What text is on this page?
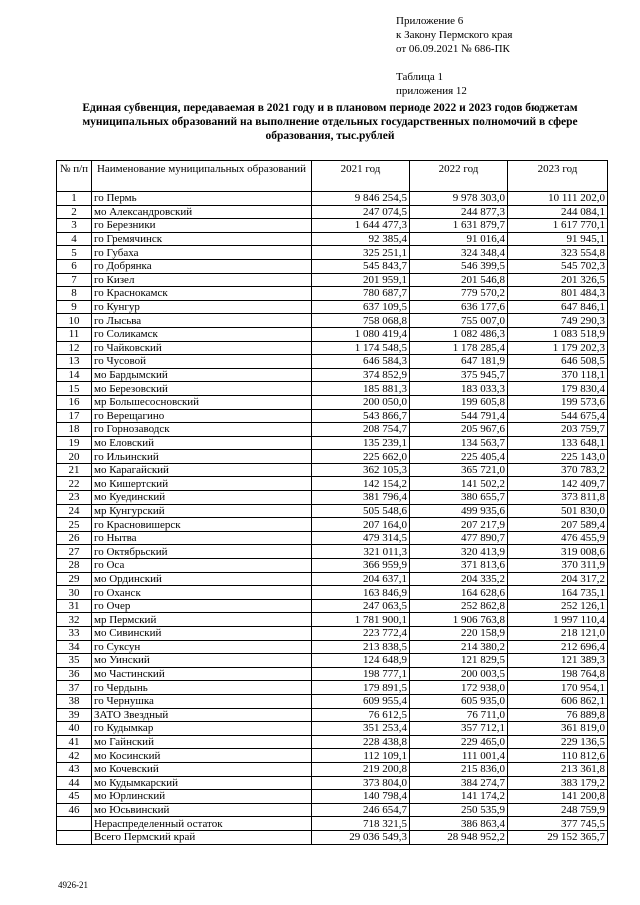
Приложение 6
к Закону Пермского края
от 06.09.2021 № 686-ПК
Таблица 1
приложения 12
Единая субвенция, передаваемая в 2021 году и в плановом периоде 2022 и 2023 годов бюджетам муниципальных образований на выполнение отдельных государственных полномочий в сфере образования, тыс.рублей
№ п/п	Наименование муниципальных образований	2021 год	2022 год	2023 год
1	го Пермь	9 846 254,5	9 978 303,0	10 111 202,0
2	мо Александровский	247 074,5	244 877,3	244 084,1
3	го Березники	1 644 477,3	1 631 879,7	1 617 770,1
4	го Гремячинск	92 385,4	91 016,4	91 945,1
5	го Губаха	325 251,1	324 348,4	323 554,8
6	го Добрянка	545 843,7	546 399,5	545 702,3
7	го Кизел	201 959,1	201 546,8	201 326,5
8	го Краснокамск	780 687,7	779 570,2	801 484,3
9	го Кунгур	637 109,5	636 177,6	647 846,1
10	го Лысьва	758 068,8	755 007,0	749 290,3
11	го Соликамск	1 080 419,4	1 082 486,3	1 083 518,9
12	го Чайковский	1 174 548,5	1 178 285,4	1 179 202,3
13	го Чусовой	646 584,3	647 181,9	646 508,5
14	мо Бардымский	374 852,9	375 945,7	370 118,1
15	мо Березовский	185 881,3	183 033,3	179 830,4
16	мр Большесосновский	200 050,0	199 605,8	199 573,6
17	го Верещагино	543 866,7	544 791,4	544 675,4
18	го Горнозаводск	208 754,7	205 967,6	203 759,7
19	мо Еловский	135 239,1	134 563,7	133 648,1
20	го Ильинский	225 662,0	225 405,4	225 143,0
21	мо Карагайский	362 105,3	365 721,0	370 783,2
22	мо Кишертский	142 154,2	141 502,2	142 409,7
23	мо Куединский	381 796,4	380 655,7	373 811,8
24	мр Кунгурский	505 548,6	499 935,6	501 830,0
25	го Красновишерск	207 164,0	207 217,9	207 589,4
26	го Нытва	479 314,5	477 890,7	476 455,9
27	го Октябрьский	321 011,3	320 413,9	319 008,6
28	го Оса	366 959,9	371 813,6	370 311,9
29	мо Ординский	204 637,1	204 335,2	204 317,2
30	го Оханск	163 846,9	164 628,6	164 735,1
31	го Очер	247 063,5	252 862,8	252 126,1
32	мр Пермский	1 781 900,1	1 906 763,8	1 997 110,4
33	мо Сивинский	223 772,4	220 158,9	218 121,0
34	го Суксун	213 838,5	214 380,2	212 696,4
35	мо Уинский	124 648,9	121 829,5	121 389,3
36	мо Частинский	198 777,1	200 003,5	198 764,8
37	го Чердынь	179 891,5	172 938,0	170 954,1
38	го Чернушка	609 955,4	605 935,0	606 862,1
39	ЗАТО Звездный	76 612,5	76 711,0	76 889,8
40	го Кудымкар	351 253,4	357 712,1	361 819,0
41	мо Гайнский	228 438,8	229 465,0	229 136,5
42	мо Косинский	112 109,1	111 001,4	110 812,6
43	мо Кочевский	219 200,8	215 836,0	213 361,8
44	мо Кудымкарский	373 804,0	384 274,7	383 179,2
45	мо Юрлинский	140 798,4	141 174,2	141 200,8
46	мо Юсьвинский	246 654,7	250 535,9	248 759,9
	Нераспределенный остаток	718 321,5	386 863,4	377 745,5
	Всего Пермский край	29 036 549,3	28 948 952,2	29 152 365,7
4926-21
